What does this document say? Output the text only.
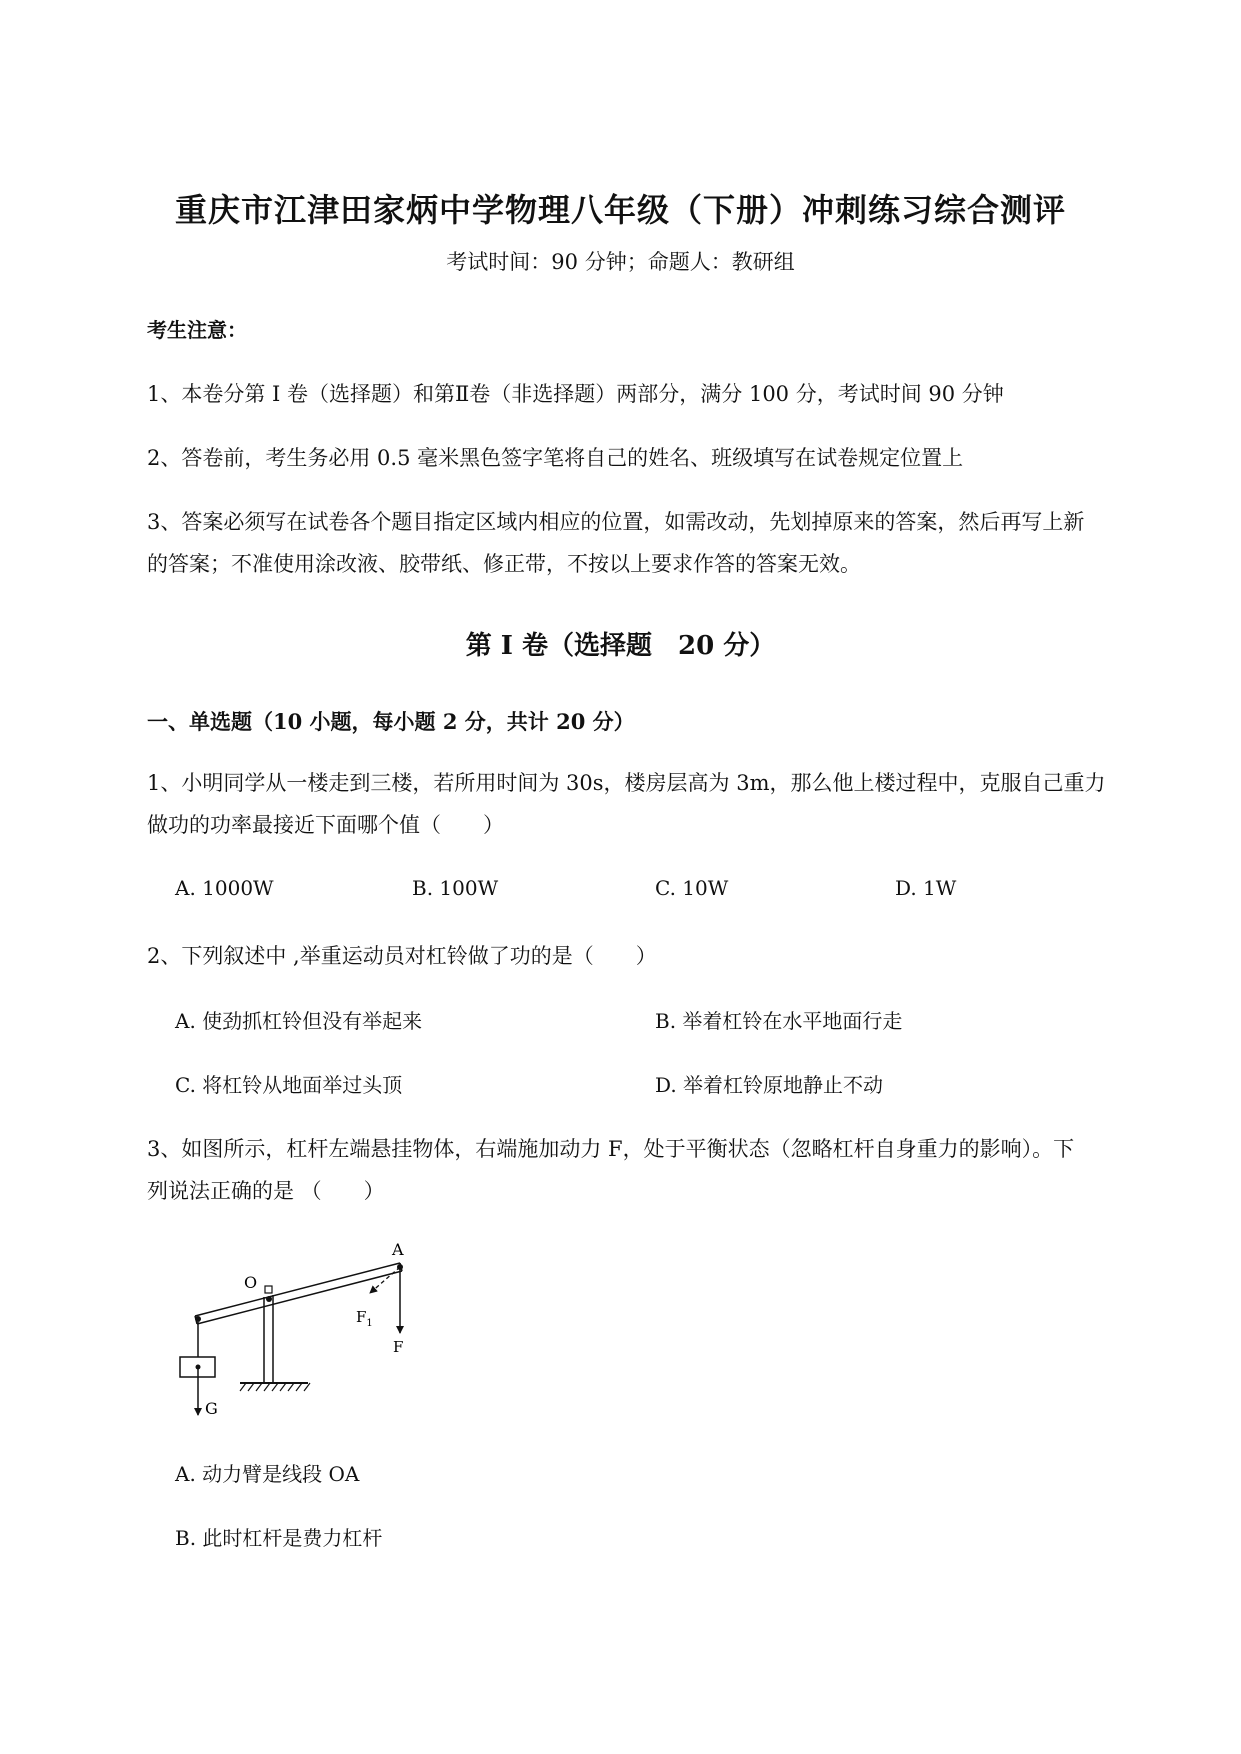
重庆市江津田家炳中学物理八年级（下册）冲刺练习综合测评
考试时间：90 分钟；命题人：教研组
考生注意：
1、本卷分第 I 卷（选择题）和第Ⅱ卷（非选择题）两部分，满分 100 分，考试时间 90 分钟
2、答卷前，考生务必用 0.5 毫米黑色签字笔将自己的姓名、班级填写在试卷规定位置上
3、答案必须写在试卷各个题目指定区域内相应的位置，如需改动，先划掉原来的答案，然后再写上新
的答案；不准使用涂改液、胶带纸、修正带，不按以上要求作答的答案无效。
第 I 卷（选择题　20 分）
一、单选题（10 小题，每小题 2 分，共计 20 分）
1、小明同学从一楼走到三楼，若所用时间为 30s，楼房层高为 3m，那么他上楼过程中，克服自己重力
做功的功率最接近下面哪个值（　　）
A. 1000W	B. 100W	C. 10W	D. 1W
2、下列叙述中 ,举重运动员对杠铃做了功的是（　　）
A. 使劲抓杠铃但没有举起来	B. 举着杠铃在水平地面行走
C. 将杠铃从地面举过头顶	D. 举着杠铃原地静止不动
3、如图所示，杠杆左端悬挂物体，右端施加动力 F，处于平衡状态（忽略杠杆自身重力的影响）。下
列说法正确的是 （　　）
O
G
A
$F_1$
F
A. 动力臂是线段 OA
B. 此时杠杆是费力杠杆
